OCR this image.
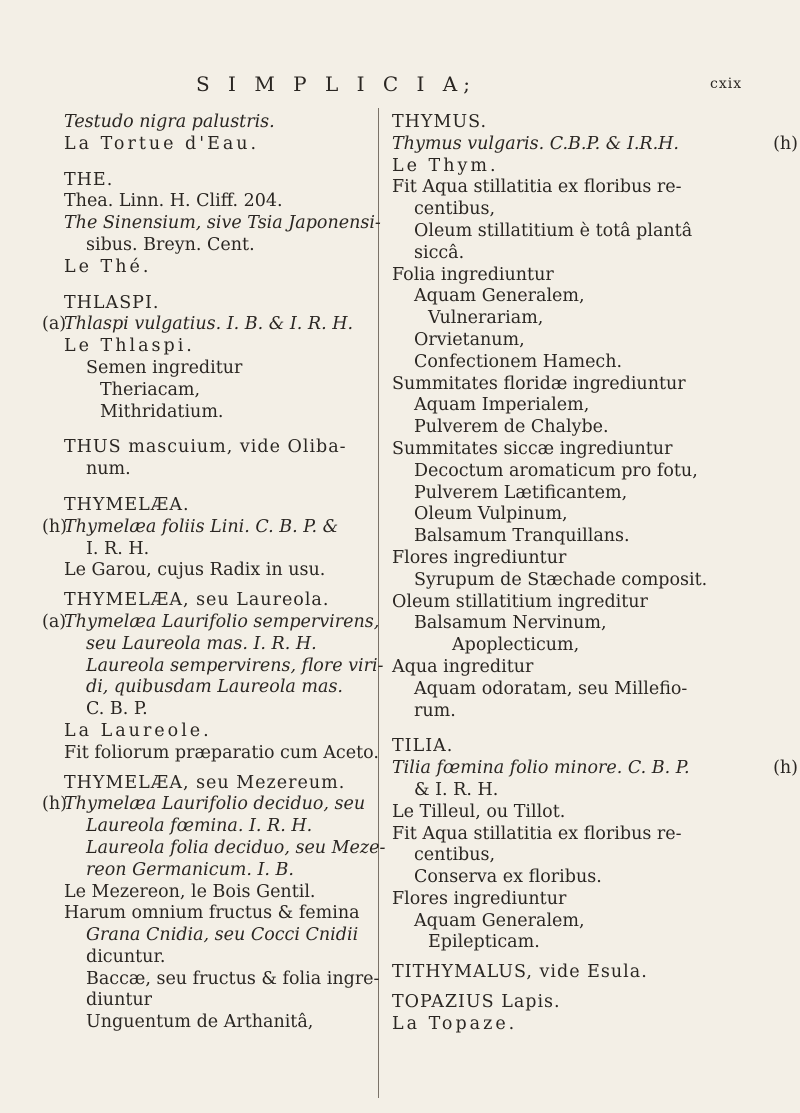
S I M P L I C I A;	cxix
Testudo nigra palustris.
La Tortue d'Eau.
THE.
Thea. Linn. H. Cliff. 204.
The Sinensium, sive Tsia Japonensi-
sibus. Breyn. Cent.
Le Thé.
THLASPI.
(a)
Thlaspi vulgatius. I. B. & I. R. H.
Le Thlaspi.
Semen ingreditur
Theriacam,
Mithridatium.
THUS mascuium, vide Oliba-
num.
THYMELÆA.
(h)
Thymelæa foliis Lini. C. B. P. &
I. R. H.
Le Garou, cujus Radix in usu.
THYMELÆA, seu Laureola.
(a)
Thymelæa Laurifolio sempervirens,
seu Laureola mas. I. R. H.
Laureola sempervirens, flore viri-
di, quibusdam Laureola mas.
C. B. P.
La Laureole.
Fit foliorum præparatio cum Aceto.
THYMELÆA, seu Mezereum.
(h)
Thymelæa Laurifolio deciduo, seu
Laureola fœmina. I. R. H.
Laureola folia deciduo, seu Meze-
reon Germanicum. I. B.
Le Mezereon, le Bois Gentil.
Harum omnium fructus & femina
Grana Cnidia, seu Cocci Cnidii
dicuntur.
Baccæ, seu fructus & folia ingre-
diuntur
Unguentum de Arthanitâ,
THYMUS.
(h)
Thymus vulgaris. C.B.P. & I.R.H.
Le Thym.
Fit Aqua stillatitia ex floribus re-
centibus,
Oleum stillatitium è totâ plantâ
siccâ.
Folia ingrediuntur
Aquam Generalem,
Vulnerariam,
Orvietanum,
Confectionem Hamech.
Summitates floridæ ingrediuntur
Aquam Imperialem,
Pulverem de Chalybe.
Summitates siccæ ingrediuntur
Decoctum aromaticum pro fotu,
Pulverem Lætificantem,
Oleum Vulpinum,
Balsamum Tranquillans.
Flores ingrediuntur
Syrupum de Stæchade composit.
Oleum stillatitium ingreditur
Balsamum Nervinum,
Apoplecticum,
Aqua ingreditur
Aquam odoratam, seu Millefio-
rum.
TILIA.
(h)
Tilia fœmina folio minore. C. B. P.
& I. R. H.
Le Tilleul, ou Tillot.
Fit Aqua stillatitia ex floribus re-
centibus,
Conserva ex floribus.
Flores ingrediuntur
Aquam Generalem,
Epilepticam.
TITHYMALUS, vide Esula.
TOPAZIUS Lapis.
La Topaze.
